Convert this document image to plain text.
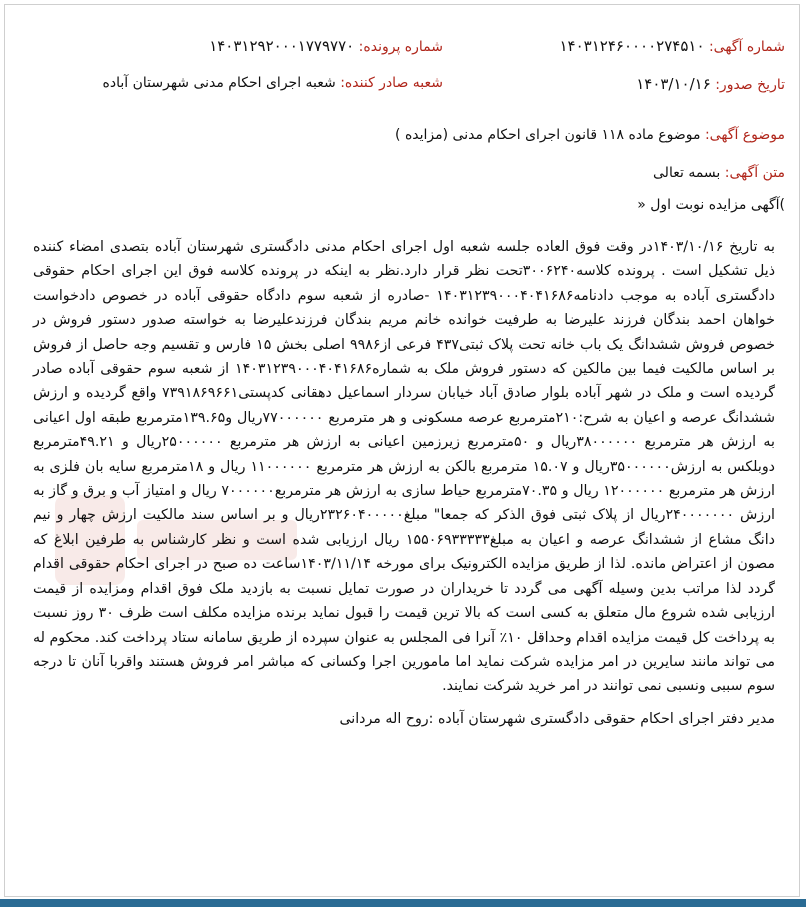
شماره آگهی: ۱۴۰۳۱۲۴۶۰۰۰۰۲۷۴۵۱۰
شماره پرونده: ۱۴۰۳۱۲۹۲۰۰۰۱۷۷۹۷۷۰
تاریخ صدور: ۱۴۰۳/۱۰/۱۶
شعبه صادر کننده: شعبه اجرای احکام مدنی شهرستان آباده
موضوع آگهی: موضوع ماده ۱۱۸ قانون اجرای احکام مدنی (مزایده )
متن آگهی: بسمه تعالی
)آگهی مزایده نوبت اول «

به تاریخ ۱۴۰۳/۱۰/۱۶در وقت فوق العاده جلسه شعبه اول اجرای احکام مدنی دادگستری شهرستان آباده بتصدی امضاء کننده ذیل تشکیل است . پرونده کلاسه۳۰۰۶۲۴۰تحت نظر قرار دارد.نظر به اینکه در پرونده کلاسه فوق این اجرای احکام حقوقی دادگستری آباده به موجب دادنامه۱۴۰۳۱۲۳۹۰۰۰۴۰۴۱۶۸۶ -صادره از شعبه سوم دادگاه حقوقی آباده در خصوص دادخواست خواهان احمد بندگان فرزند علیرضا به طرفیت خوانده خانم مریم بندگان فرزندعلیرضا به خواسته صدور دستور فروش در خصوص فروش ششدانگ یک باب خانه تحت پلاک ثبتی۴۳۷ فرعی از۹۹۸۶ اصلی بخش ۱۵ فارس و تقسیم وجه حاصل از فروش بر اساس مالکیت فیما بین مالکین که دستور فروش ملک به شماره۱۴۰۳۱۲۳۹۰۰۰۴۰۴۱۶۸۶ از شعبه سوم حقوقی آباده صادر گردیده است و ملک در شهر آباده بلوار صادق آباد خیابان سردار اسماعیل دهقانی کدپستی۷۳۹۱۸۶۹۶۶۱ واقع گردیده و ارزش ششدانگ عرصه و اعیان به شرح:۲۱۰مترمربع عرصه مسکونی و هر مترمربع ۷۷۰۰۰۰۰۰ریال و۱۳۹.۶۵مترمربع طبقه اول اعیانی به ارزش هر مترمربع ۳۸۰۰۰۰۰۰ریال و ۵۰مترمربع زیرزمین اعیانی به ارزش هر مترمربع ۲۵۰۰۰۰۰۰ریال و ۴۹.۲۱مترمربع دوبلکس به ارزش۳۵۰۰۰۰۰۰ریال و ۱۵.۰۷ مترمربع بالکن به ارزش هر مترمربع ۱۱۰۰۰۰۰۰ ریال و ۱۸مترمربع سایه بان فلزی به ارزش هر مترمربع ۱۲۰۰۰۰۰۰ ریال و ۷۰.۳۵مترمربع حیاط سازی به ارزش هر مترمربع۷۰۰۰۰۰۰ ریال و امتیاز آب و برق و گاز به ارزش ۲۴۰۰۰۰۰۰۰ریال از پلاک ثبتی فوق الذکر که جمعا" مبلغ۲۳۲۶۰۴۰۰۰۰۰ریال و بر اساس سند مالکیت ارزش چهار و نیم دانگ مشاع از ششدانگ عرصه و اعیان به مبلغ۱۵۵۰۶۹۳۳۳۳۳ ریال ارزیابی شده است و نظر کارشناس به طرفین ابلاغ که مصون از اعتراض مانده. لذا از طریق مزایده الکترونیک برای مورخه ۱۴۰۳/۱۱/۱۴ساعت ده صبح در اجرای احکام حقوقی اقدام گردد لذا مراتب بدین وسیله آگهی می گردد تا خریداران در صورت تمایل نسبت به بازدید ملک فوق اقدام ومزایده از قیمت ارزیابی شده شروع مال متعلق به کسی است که بالا ترین قیمت را قبول نماید برنده مزایده مکلف است ظرف ۳۰ روز نسبت به پرداخت کل قیمت مزایده اقدام وحداقل ۱۰٪ آنرا فی المجلس به عنوان سپرده از طریق سامانه ستاد پرداخت کند. محکوم له می تواند مانند سایرین در امر مزایده شرکت نماید اما مامورین اجرا وکسانی که مباشر امر فروش هستند واقربا آنان تا درجه سوم سببی ونسبی نمی توانند در امر خرید شرکت نمایند.

مدیر دفتر اجرای احکام حقوقی دادگستری شهرستان آباده :روح اله مردانی
